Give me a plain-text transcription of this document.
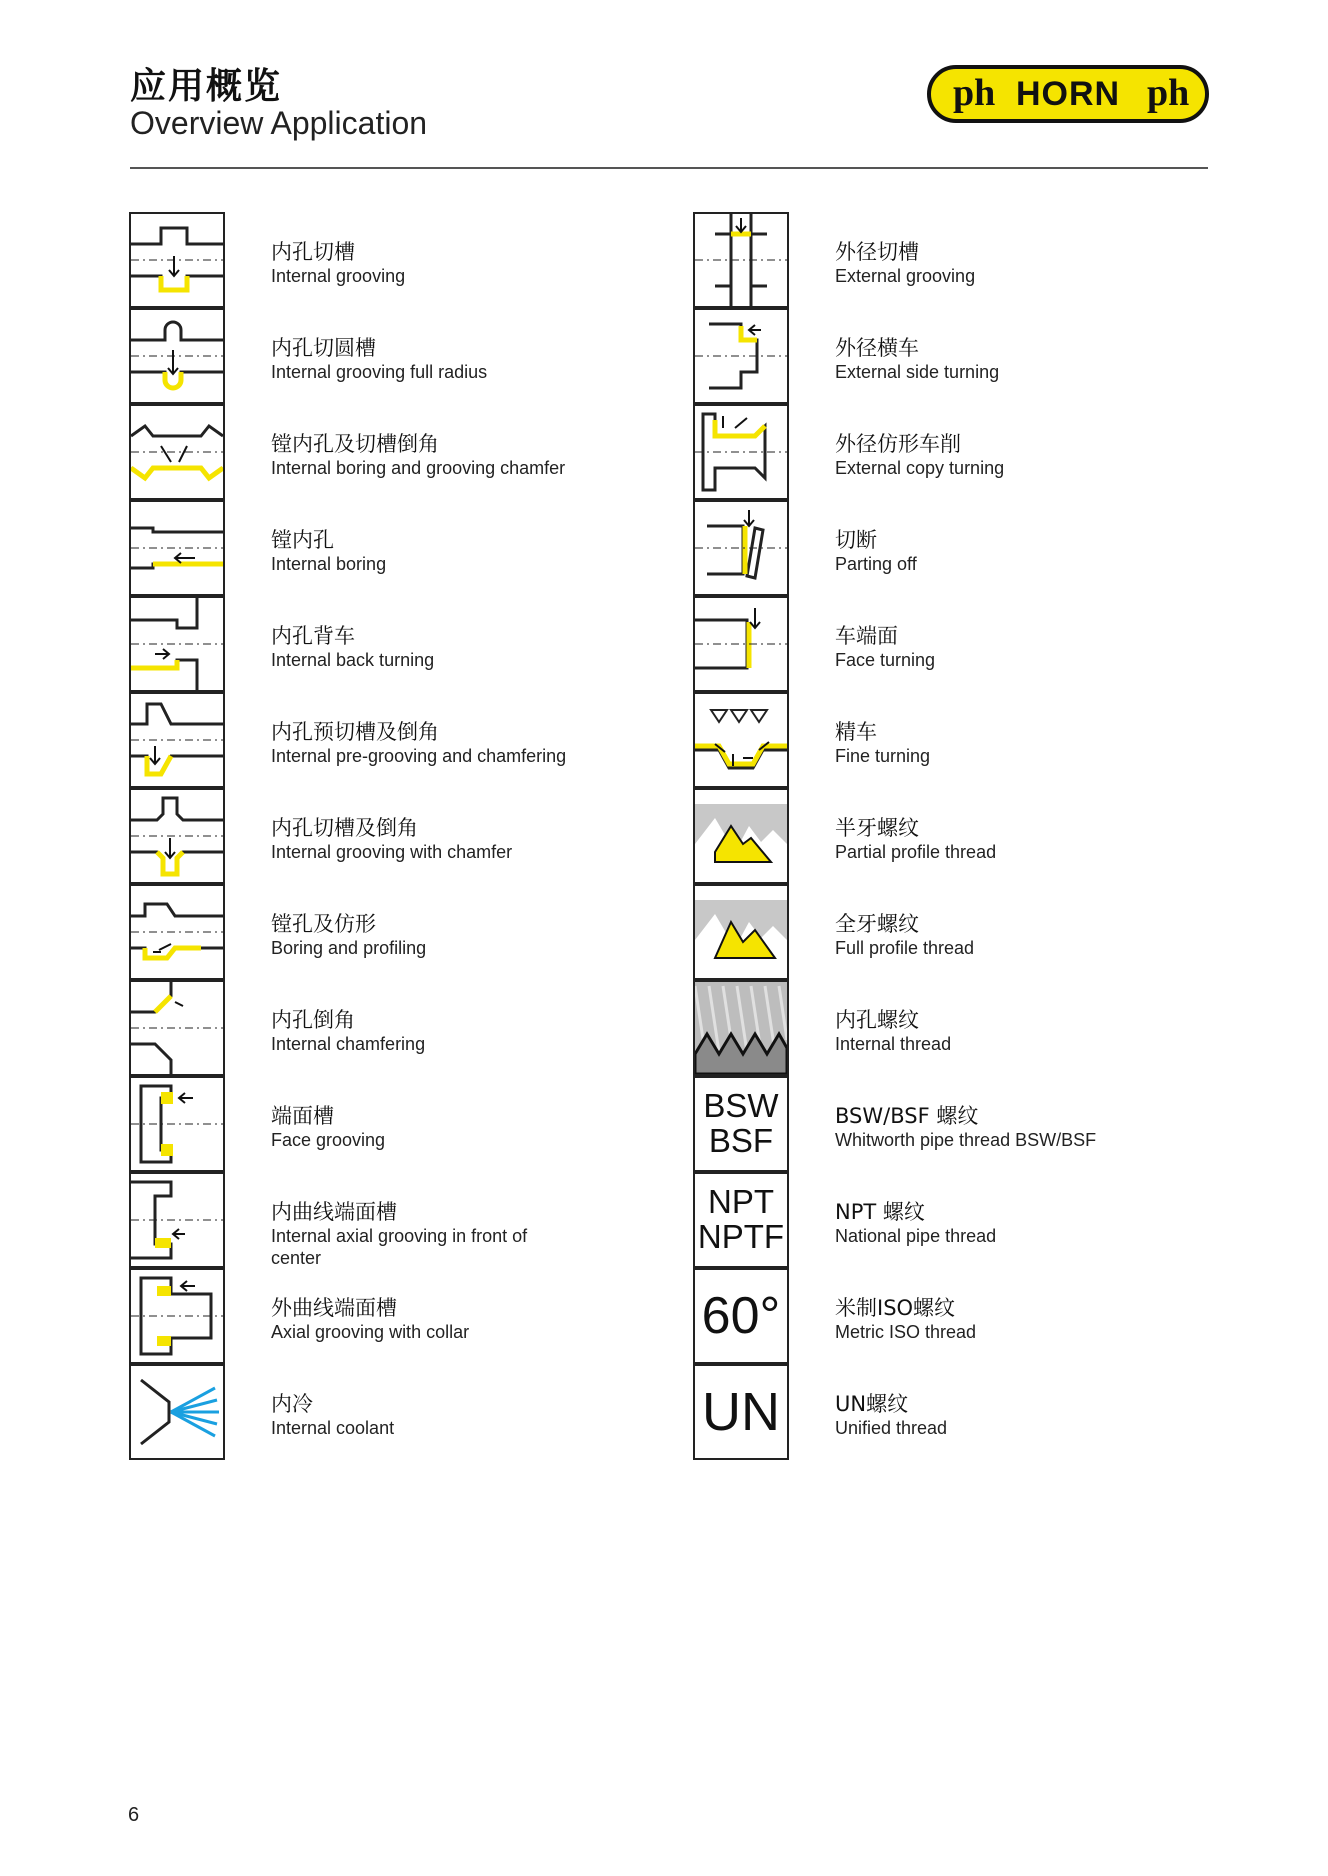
应用概览
Overview Application
ph	ph
HORN
内孔切槽
Internal grooving
内孔切圆槽
Internal grooving full radius
镗内孔及切槽倒角
Internal boring and grooving chamfer
镗内孔
Internal boring
内孔背车
Internal back turning
内孔预切槽及倒角
Internal pre-grooving and chamfering
内孔切槽及倒角
Internal grooving with chamfer
镗孔及仿形
Boring and profiling
内孔倒角
Internal chamfering
端面槽
Face grooving
内曲线端面槽
Internal axial grooving in front of
center
外曲线端面槽
Axial grooving with collar
内冷
Internal coolant
外径切槽
External grooving
外径横车
External side turning
外径仿形车削
External copy turning
切断
Parting off
车端面
Face turning
精车
Fine turning
半牙螺纹
Partial profile thread
全牙螺纹
Full profile thread
内孔螺纹
Internal thread
BSW
BSF
BSW/BSF 螺纹
Whitworth pipe thread BSW/BSF
NPT
NPTF
NPT 螺纹
National pipe thread
60°	米制ISO螺纹
Metric ISO thread
UN	UN螺纹
Unified thread
6
